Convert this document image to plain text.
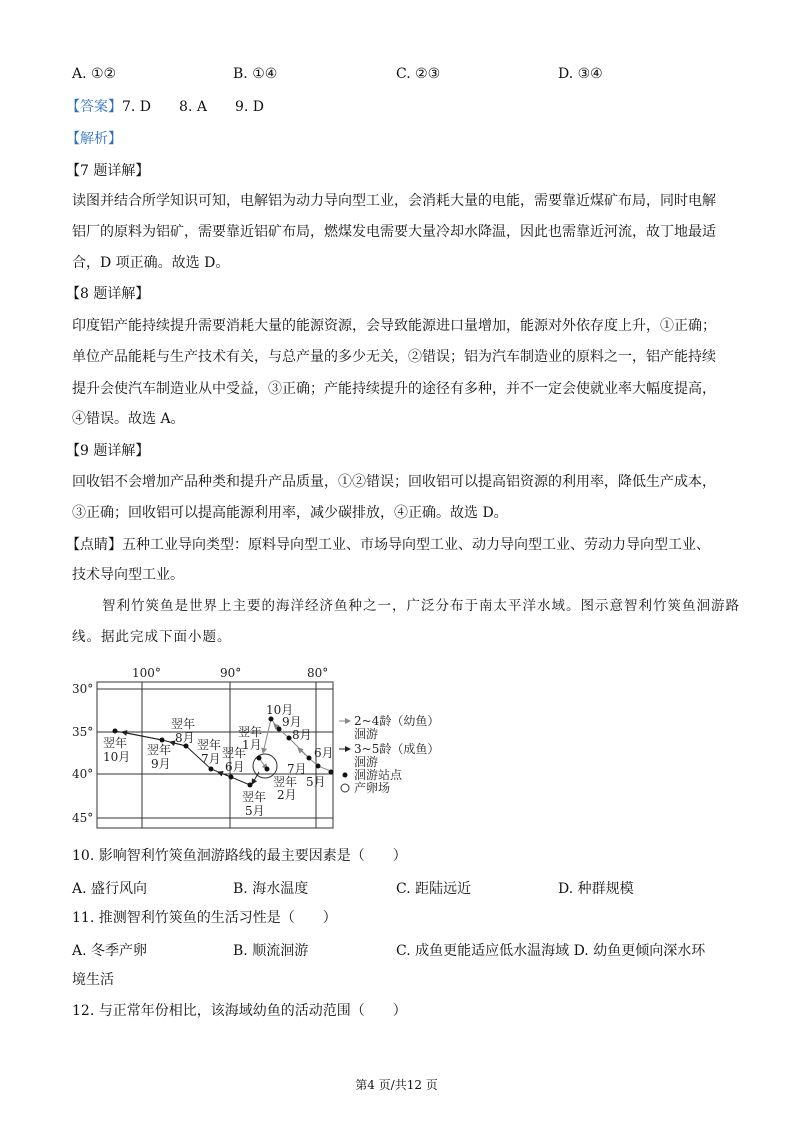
A. ①②	B. ①④	C. ②③	D. ③④
【答案】7. D　　8. A　　9. D
【解析】
【7 题详解】
读图并结合所学知识可知，电解铝为动力导向型工业，会消耗大量的电能，需要靠近煤矿布局，同时电解
铝厂的原料为铝矿，需要靠近铝矿布局，燃煤发电需要大量冷却水降温，因此也需靠近河流，故丁地最适
合，D 项正确。故选 D。
【8 题详解】
印度铝产能持续提升需要消耗大量的能源资源，会导致能源进口量增加，能源对外依存度上升，①正确；
单位产品能耗与生产技术有关，与总产量的多少无关，②错误；铝为汽车制造业的原料之一，铝产能持续
提升会使汽车制造业从中受益，③正确；产能持续提升的途径有多种，并不一定会使就业率大幅度提高，
④错误。故选 A。
【9 题详解】
回收铝不会增加产品种类和提升产品质量，①②错误；回收铝可以提高铝资源的利用率，降低生产成本，
③正确；回收铝可以提高能源利用率，减少碳排放，④正确。故选 D。
【点睛】五种工业导向类型：原料导向型工业、市场导向型工业、动力导向型工业、劳动力导向型工业、
技术导向型工业。
智利竹筴鱼是世界上主要的海洋经济鱼种之一，广泛分布于南太平洋水域。图示意智利竹筴鱼洄游路
线。据此完成下面小题。
100°	90°	80°
30°
35°
40°
45°
翌年
10月 翌年
9月
翌年
8月 翌年
7月 翌年
6月
翌年
5月
10月
9月
8月
6月
7月
5月
翌年
1月
翌年
2月
2~4龄（幼鱼）
洄游
3~5龄（成鱼）
洄游
洄游站点
产卵场
10. 影响智利竹筴鱼洄游路线的最主要因素是（　　）
A. 盛行风向	B. 海水温度	C. 距陆远近	D. 种群规模
11. 推测智利竹筴鱼的生活习性是（　　）
A. 冬季产卵	B. 顺流洄游	C. 成鱼更能适应低水温海域 D. 幼鱼更倾向深水环
境生活
12. 与正常年份相比，该海域幼鱼的活动范围（　　）
第4 页/共12 页
